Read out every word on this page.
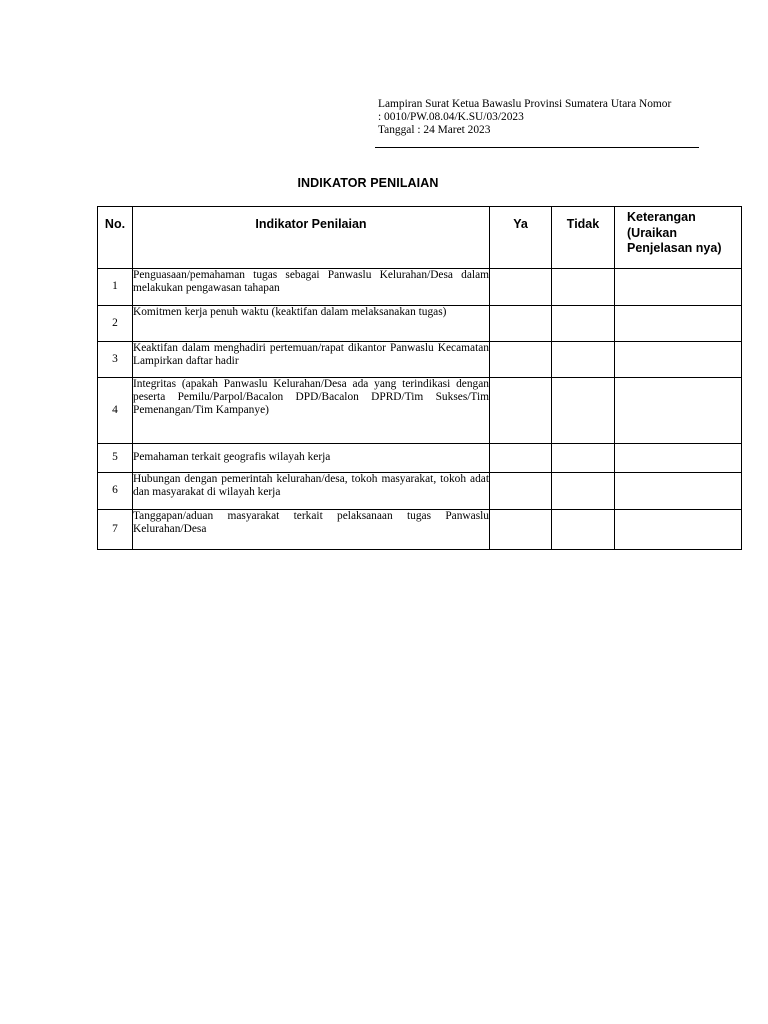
Lampiran Surat Ketua Bawaslu Provinsi Sumatera Utara Nomor
: 0010/PW.08.04/K.SU/03/2023
Tanggal : 24 Maret 2023
INDIKATOR PENILAIAN
No.	Indikator Penilaian	Ya	Tidak	Keterangan (Uraikan Penjelasan nya)
1	Penguasaan/pemahaman tugas sebagai Panwaslu Kelurahan/Desa dalam melakukan pengawasan tahapan			
2	Komitmen kerja penuh waktu (keaktifan dalam melaksanakan tugas)			
3	Keaktifan dalam menghadiri pertemuan/rapat dikantor Panwaslu Kecamatan Lampirkan daftar hadir			
4	Integritas (apakah Panwaslu Kelurahan/Desa ada yang terindikasi dengan peserta Pemilu/Parpol/Bacalon DPD/Bacalon DPRD/Tim Sukses/Tim Pemenangan/Tim Kampanye)			
5	Pemahaman terkait geografis wilayah kerja			
6	Hubungan dengan pemerintah kelurahan/desa, tokoh masyarakat, tokoh adat dan masyarakat di wilayah kerja			
7	Tanggapan/aduan masyarakat terkait pelaksanaan tugas Panwaslu Kelurahan/Desa			
